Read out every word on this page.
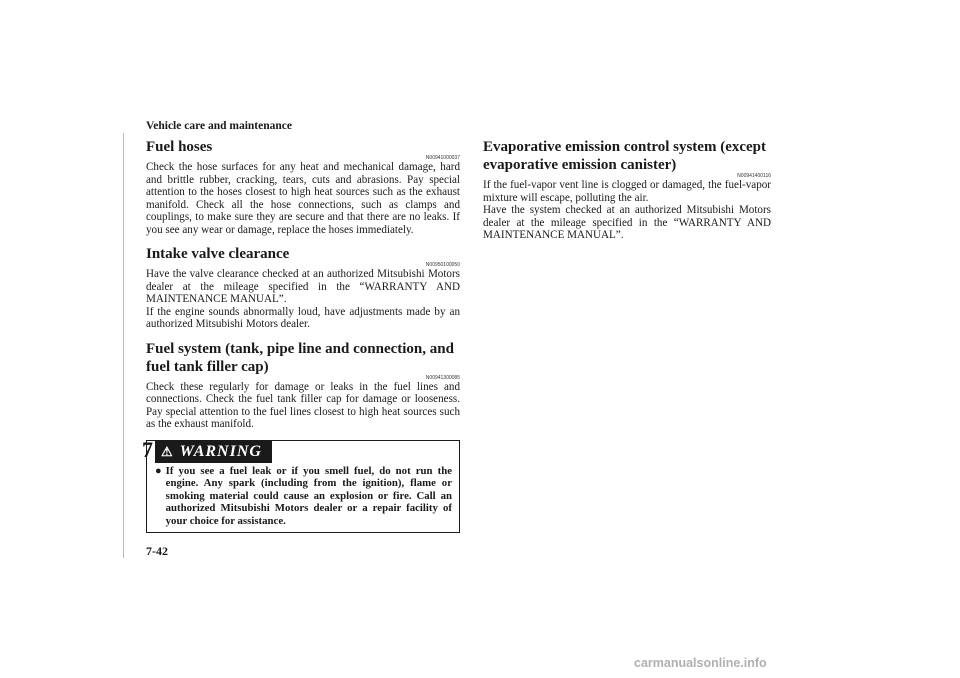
Vehicle care and maintenance
7
7-42
Fuel hoses
N00941000037

Check the hose surfaces for any heat and mechanical damage, hard and brittle rubber, cracking, tears, cuts and abrasions. Pay special attention to the hoses closest to high heat sources such as the exhaust manifold. Check all the hose connections, such as clamps and couplings, to make sure they are secure and that there are no leaks. If you see any wear or damage, replace the hoses immediately.

Intake valve clearance
N00950100050

Have the valve clearance checked at an authorized Mitsubishi Motors dealer at the mileage specified in the “WARRANTY AND MAINTENANCE MANUAL”.

If the engine sounds abnormally loud, have adjustments made by an authorized Mitsubishi Motors dealer.

Fuel system (tank, pipe line and connection, and fuel tank filler cap)
N00941300085

Check these regularly for damage or leaks in the fuel lines and connections. Check the fuel tank filler cap for damage or looseness. Pay special attention to the fuel lines closest to high heat sources such as the exhaust manifold.

⚠ WARNING
● If you see a fuel leak or if you smell fuel, do not run the engine. Any spark (including from the ignition), flame or smoking material could cause an explosion or fire. Call an authorized Mitsubishi Motors dealer or a repair facility of your choice for assistance.
Evaporative emission control system (except evaporative emission canister)
N00941400116

If the fuel-vapor vent line is clogged or damaged, the fuel-vapor mixture will escape, polluting the air.

Have the system checked at an authorized Mitsubishi Motors dealer at the mileage specified in the “WARRANTY AND MAINTENANCE MANUAL”.

carmanualsonline.info
